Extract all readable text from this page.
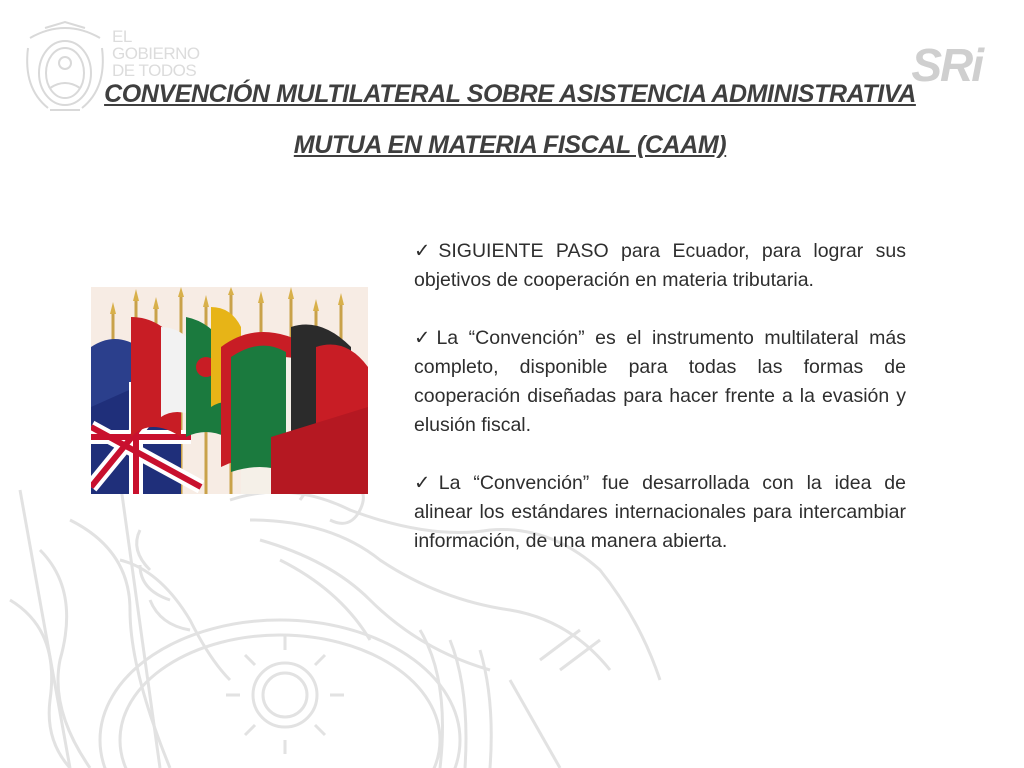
EL
GOBIERNO
DE TODOS	SRi
CONVENCIÓN MULTILATERAL SOBRE ASISTENCIA ADMINISTRATIVA
MUTUA EN MATERIA FISCAL (CAAM)

✓SIGUIENTE PASO para Ecuador, para lograr sus objetivos de cooperación en materia tributaria.

✓La “Convención” es el instrumento multilateral más completo, disponible para todas las formas de cooperación diseñadas para hacer frente a la evasión y elusión fiscal.

✓La “Convención” fue desarrollada con la idea de alinear los estándares internacionales para intercambiar información, de una manera abierta.
